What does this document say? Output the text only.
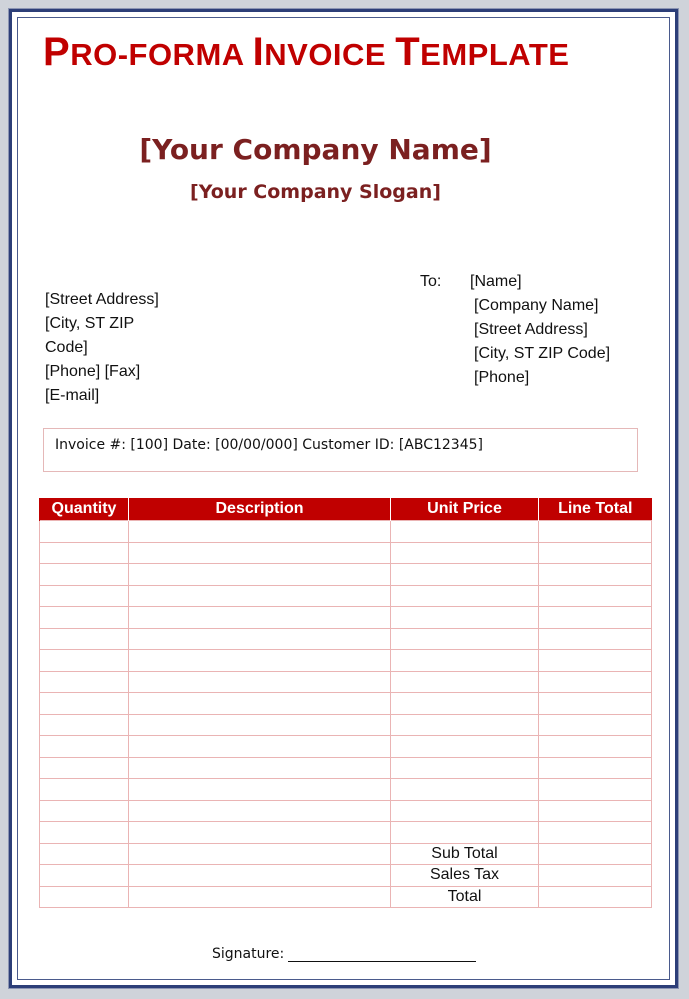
PRO-FORMA INVOICE TEMPLATE
[Your Company Name]
[Your Company Slogan]
[Street Address]
[City, ST ZIP
Code]
[Phone] [Fax]
[E-mail]
To: [Name]
[Company Name]
[Street Address]
[City, ST ZIP Code]
[Phone]
Invoice #: [100] Date: [00/00/000] Customer ID: [ABC12345]
Quantity	Description	Unit Price	Line Total

		Sub Total	
		Sales Tax	
		Total	
Signature:
